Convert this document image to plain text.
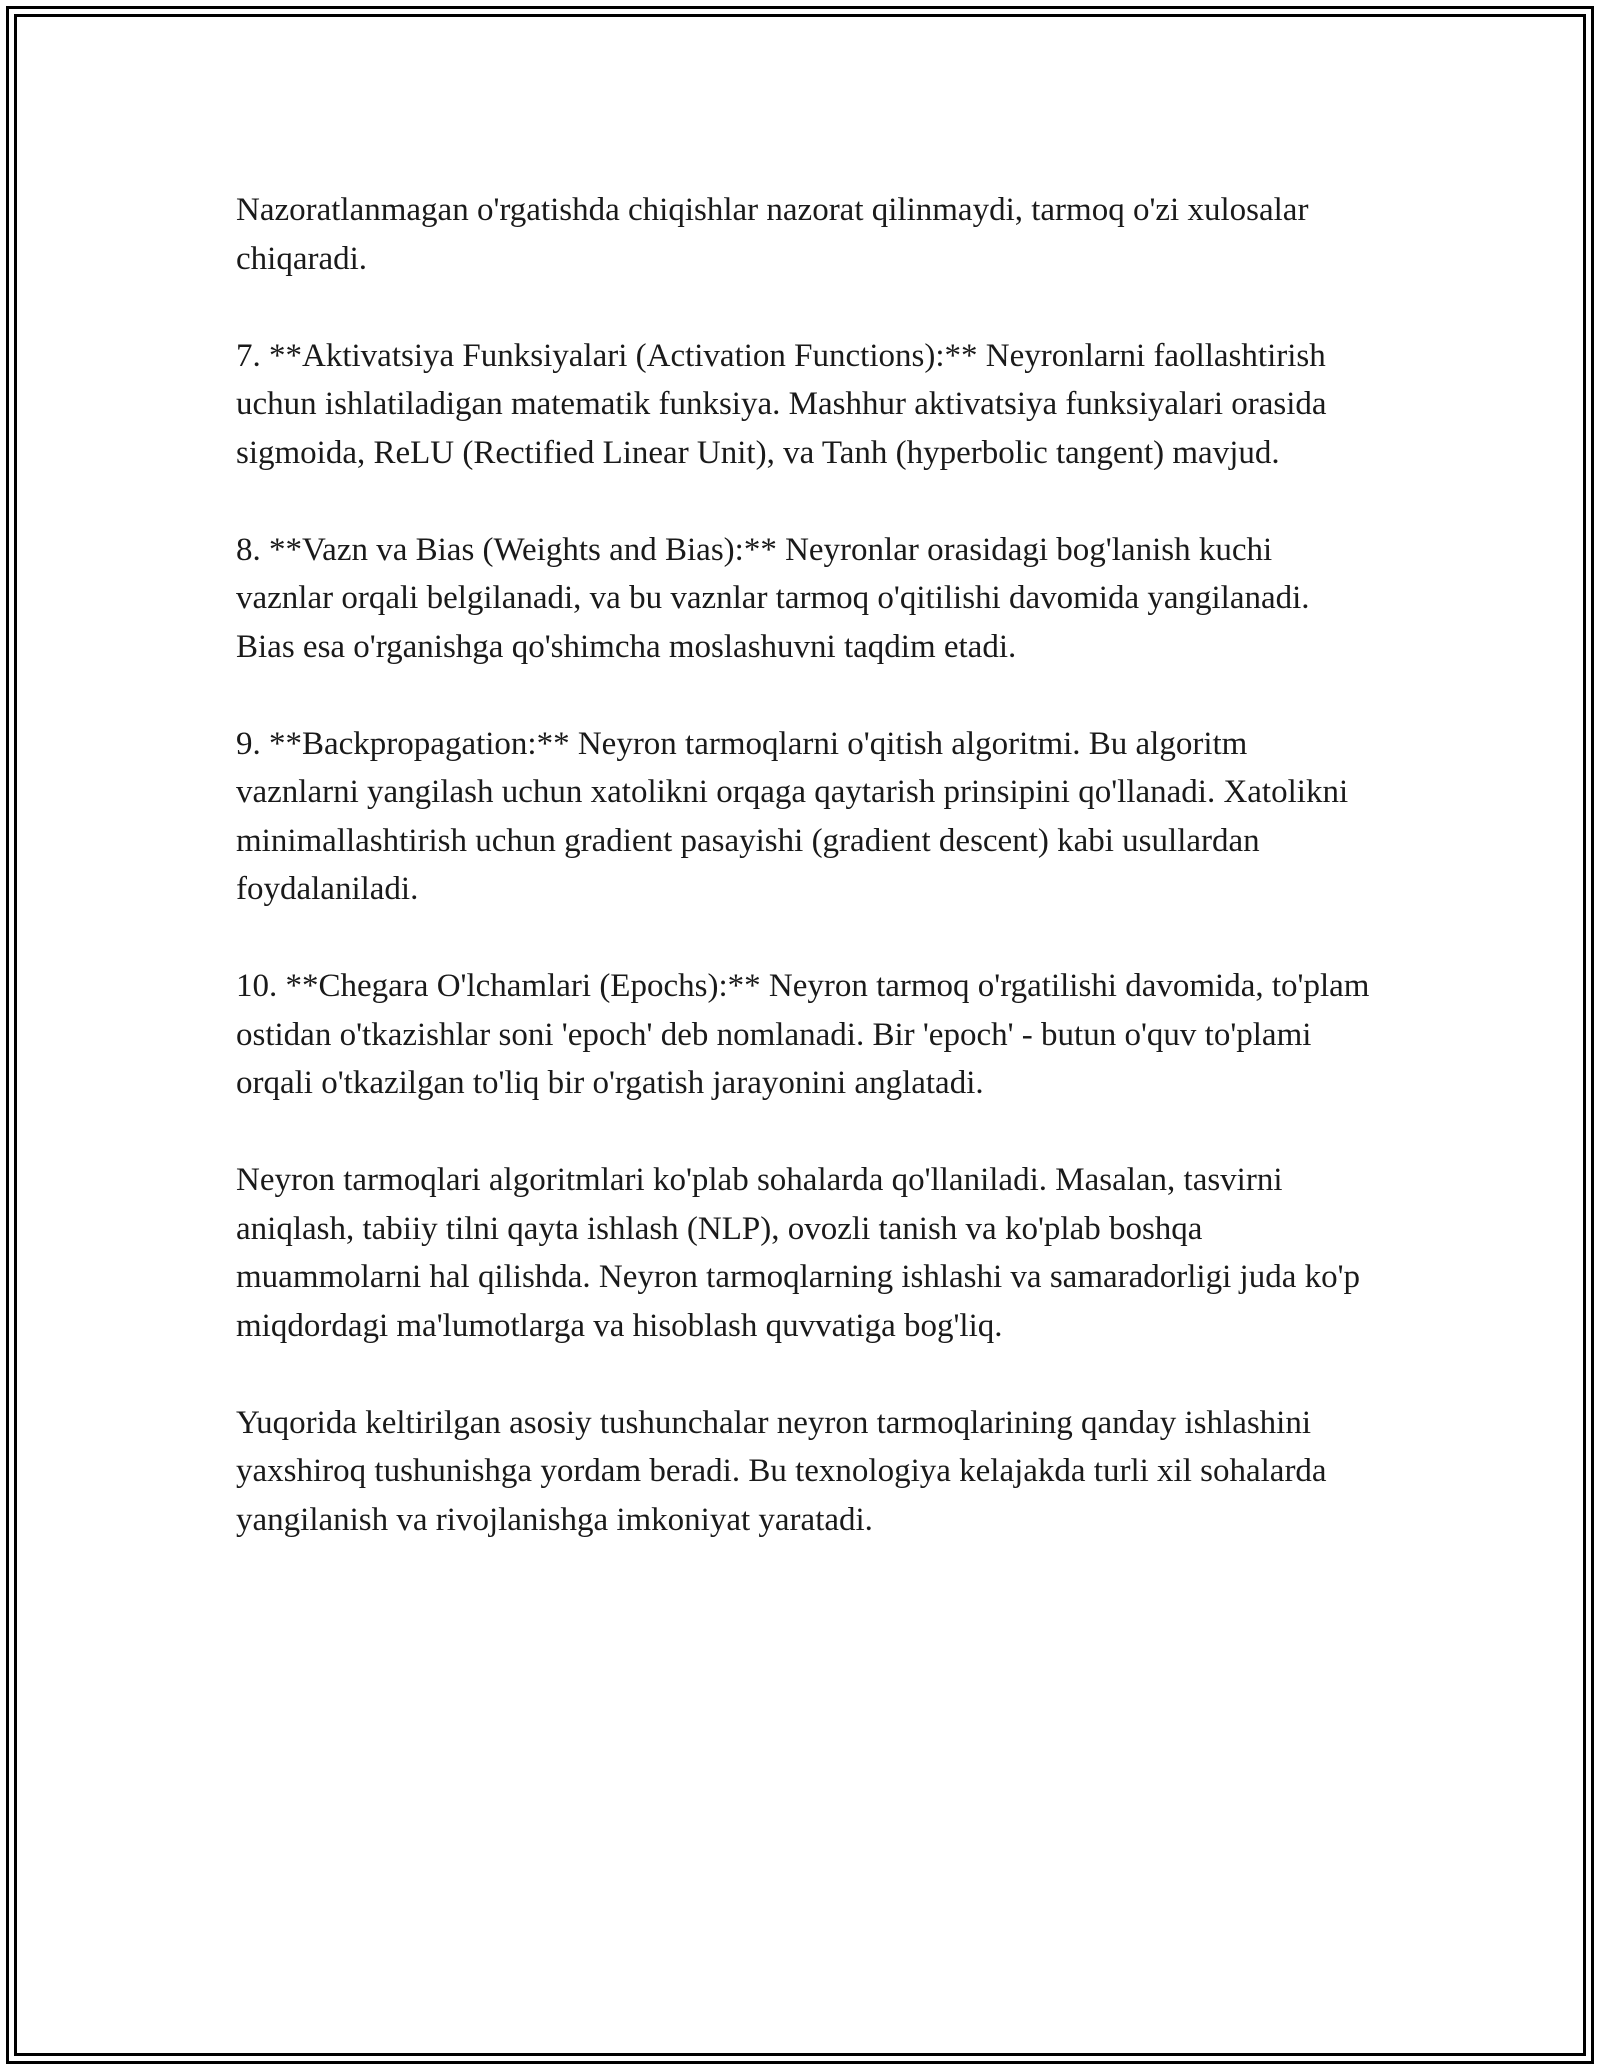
Nazoratlanmagan o'rgatishda chiqishlar nazorat qilinmaydi, tarmoq o'zi xulosalar chiqaradi.

7. **Aktivatsiya Funksiyalari (Activation Functions):** Neyronlarni faollashtirish uchun ishlatiladigan matematik funksiya. Mashhur aktivatsiya funksiyalari orasida sigmoida, ReLU (Rectified Linear Unit), va Tanh (hyperbolic tangent) mavjud.

8. **Vazn va Bias (Weights and Bias):** Neyronlar orasidagi bog'lanish kuchi vaznlar orqali belgilanadi, va bu vaznlar tarmoq o'qitilishi davomida yangilanadi. Bias esa o'rganishga qo'shimcha moslashuvni taqdim etadi.

9. **Backpropagation:** Neyron tarmoqlarni o'qitish algoritmi. Bu algoritm vaznlarni yangilash uchun xatolikni orqaga qaytarish prinsipini qo'llanadi. Xatolikni minimallashtirish uchun gradient pasayishi (gradient descent) kabi usullardan foydalaniladi.

10. **Chegara O'lchamlari (Epochs):** Neyron tarmoq o'rgatilishi davomida, to'plam ostidan o'tkazishlar soni 'epoch' deb nomlanadi. Bir 'epoch' - butun o'quv to'plami orqali o'tkazilgan to'liq bir o'rgatish jarayonini anglatadi.

Neyron tarmoqlari algoritmlari ko'plab sohalarda qo'llaniladi. Masalan, tasvirni aniqlash, tabiiy tilni qayta ishlash (NLP), ovozli tanish va ko'plab boshqa muammolarni hal qilishda. Neyron tarmoqlarning ishlashi va samaradorligi juda ko'p miqdordagi ma'lumotlarga va hisoblash quvvatiga bog'liq.

Yuqorida keltirilgan asosiy tushunchalar neyron tarmoqlarining qanday ishlashini yaxshiroq tushunishga yordam beradi. Bu texnologiya kelajakda turli xil sohalarda yangilanish va rivojlanishga imkoniyat yaratadi.
